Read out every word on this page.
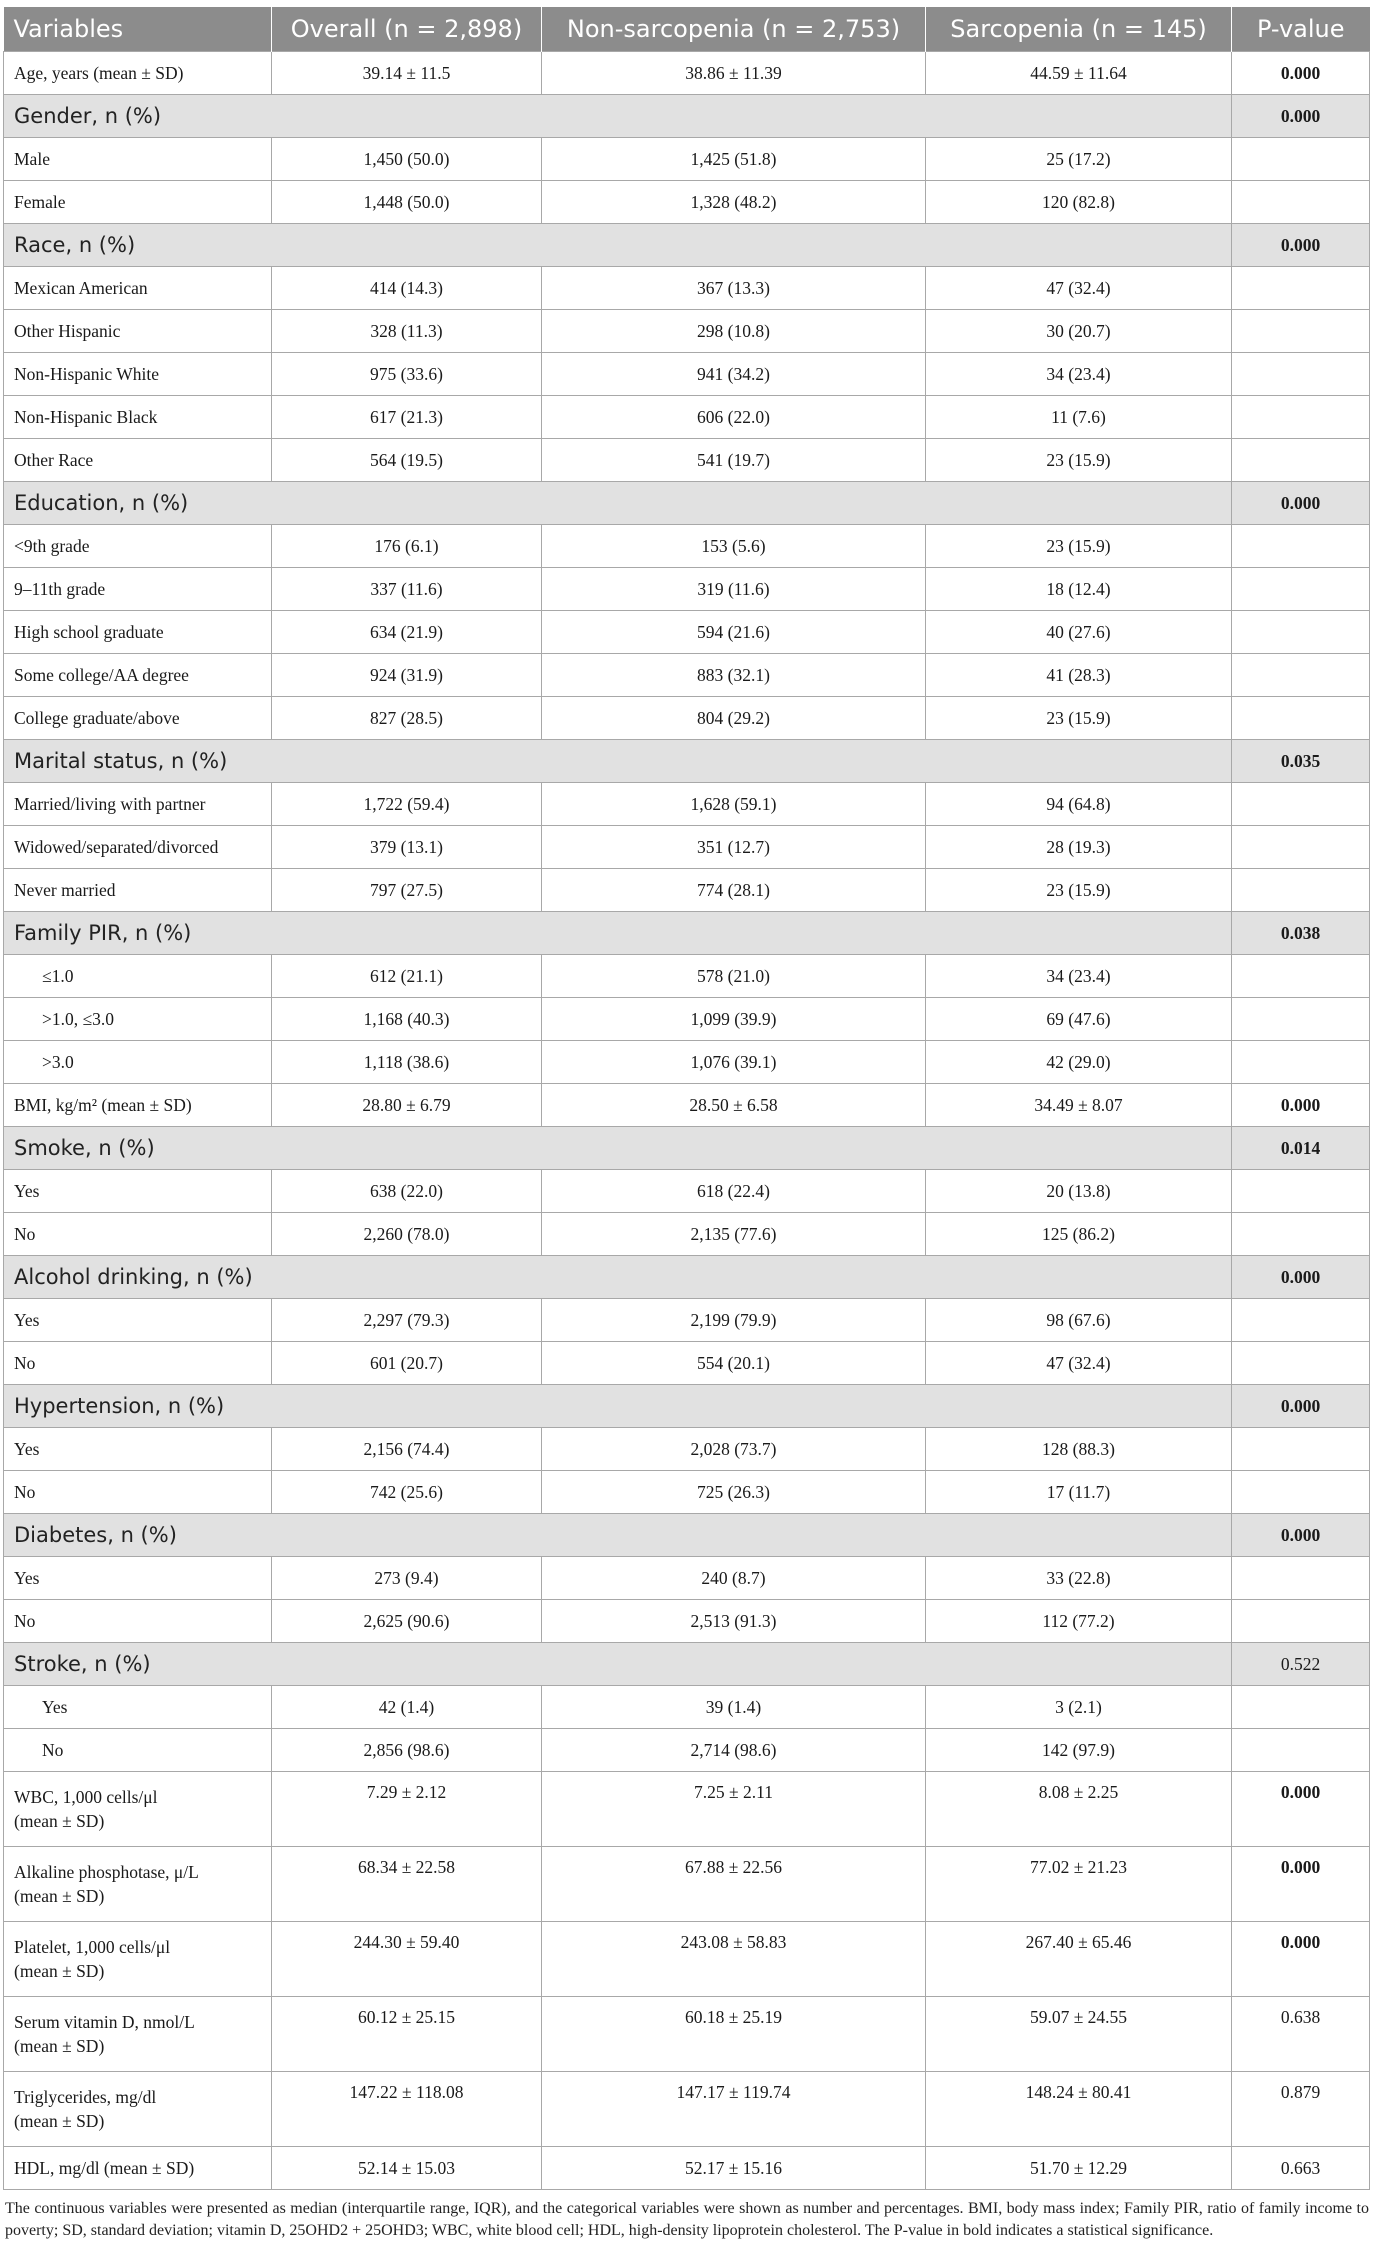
Variables	Overall (n = 2,898)	Non-sarcopenia (n = 2,753)	Sarcopenia (n = 145)	P-value
Age, years (mean ± SD)	39.14 ± 11.5	38.86 ± 11.39	44.59 ± 11.64	0.000
Gender, n (%)				0.000
Male	1,450 (50.0)	1,425 (51.8)	25 (17.2)	
Female	1,448 (50.0)	1,328 (48.2)	120 (82.8)	
Race, n (%)				0.000
Mexican American	414 (14.3)	367 (13.3)	47 (32.4)	
Other Hispanic	328 (11.3)	298 (10.8)	30 (20.7)	
Non-Hispanic White	975 (33.6)	941 (34.2)	34 (23.4)	
Non-Hispanic Black	617 (21.3)	606 (22.0)	11 (7.6)	
Other Race	564 (19.5)	541 (19.7)	23 (15.9)	
Education, n (%)				0.000
<9th grade	176 (6.1)	153 (5.6)	23 (15.9)	
9–11th grade	337 (11.6)	319 (11.6)	18 (12.4)	
High school graduate	634 (21.9)	594 (21.6)	40 (27.6)	
Some college/AA degree	924 (31.9)	883 (32.1)	41 (28.3)	
College graduate/above	827 (28.5)	804 (29.2)	23 (15.9)	
Marital status, n (%)				0.035
Married/living with partner	1,722 (59.4)	1,628 (59.1)	94 (64.8)	
Widowed/separated/divorced	379 (13.1)	351 (12.7)	28 (19.3)	
Never married	797 (27.5)	774 (28.1)	23 (15.9)	
Family PIR, n (%)				0.038
≤1.0	612 (21.1)	578 (21.0)	34 (23.4)	
>1.0, ≤3.0	1,168 (40.3)	1,099 (39.9)	69 (47.6)	
>3.0	1,118 (38.6)	1,076 (39.1)	42 (29.0)	
BMI, kg/m² (mean ± SD)	28.80 ± 6.79	28.50 ± 6.58	34.49 ± 8.07	0.000
Smoke, n (%)				0.014
Yes	638 (22.0)	618 (22.4)	20 (13.8)	
No	2,260 (78.0)	2,135 (77.6)	125 (86.2)	
Alcohol drinking, n (%)				0.000
Yes	2,297 (79.3)	2,199 (79.9)	98 (67.6)	
No	601 (20.7)	554 (20.1)	47 (32.4)	
Hypertension, n (%)				0.000
Yes	2,156 (74.4)	2,028 (73.7)	128 (88.3)	
No	742 (25.6)	725 (26.3)	17 (11.7)	
Diabetes, n (%)				0.000
Yes	273 (9.4)	240 (8.7)	33 (22.8)	
No	2,625 (90.6)	2,513 (91.3)	112 (77.2)	
Stroke, n (%)				0.522
Yes	42 (1.4)	39 (1.4)	3 (2.1)	
No	2,856 (98.6)	2,714 (98.6)	142 (97.9)	
WBC, 1,000 cells/μl
(mean ± SD)	7.29 ± 2.12	7.25 ± 2.11	8.08 ± 2.25	0.000
Alkaline phosphotase, μ/L
(mean ± SD)	68.34 ± 22.58	67.88 ± 22.56	77.02 ± 21.23	0.000
Platelet, 1,000 cells/μl
(mean ± SD)	244.30 ± 59.40	243.08 ± 58.83	267.40 ± 65.46	0.000
Serum vitamin D, nmol/L
(mean ± SD)	60.12 ± 25.15	60.18 ± 25.19	59.07 ± 24.55	0.638
Triglycerides, mg/dl
(mean ± SD)	147.22 ± 118.08	147.17 ± 119.74	148.24 ± 80.41	0.879
HDL, mg/dl (mean ± SD)	52.14 ± 15.03	52.17 ± 15.16	51.70 ± 12.29	0.663
The continuous variables were presented as median (interquartile range, IQR), and the categorical variables were shown as number and percentages. BMI, body mass index; Family PIR, ratio of family income to poverty; SD, standard deviation; vitamin D, 25OHD2 + 25OHD3; WBC, white blood cell; HDL, high-density lipoprotein cholesterol. The P-value in bold indicates a statistical significance.
